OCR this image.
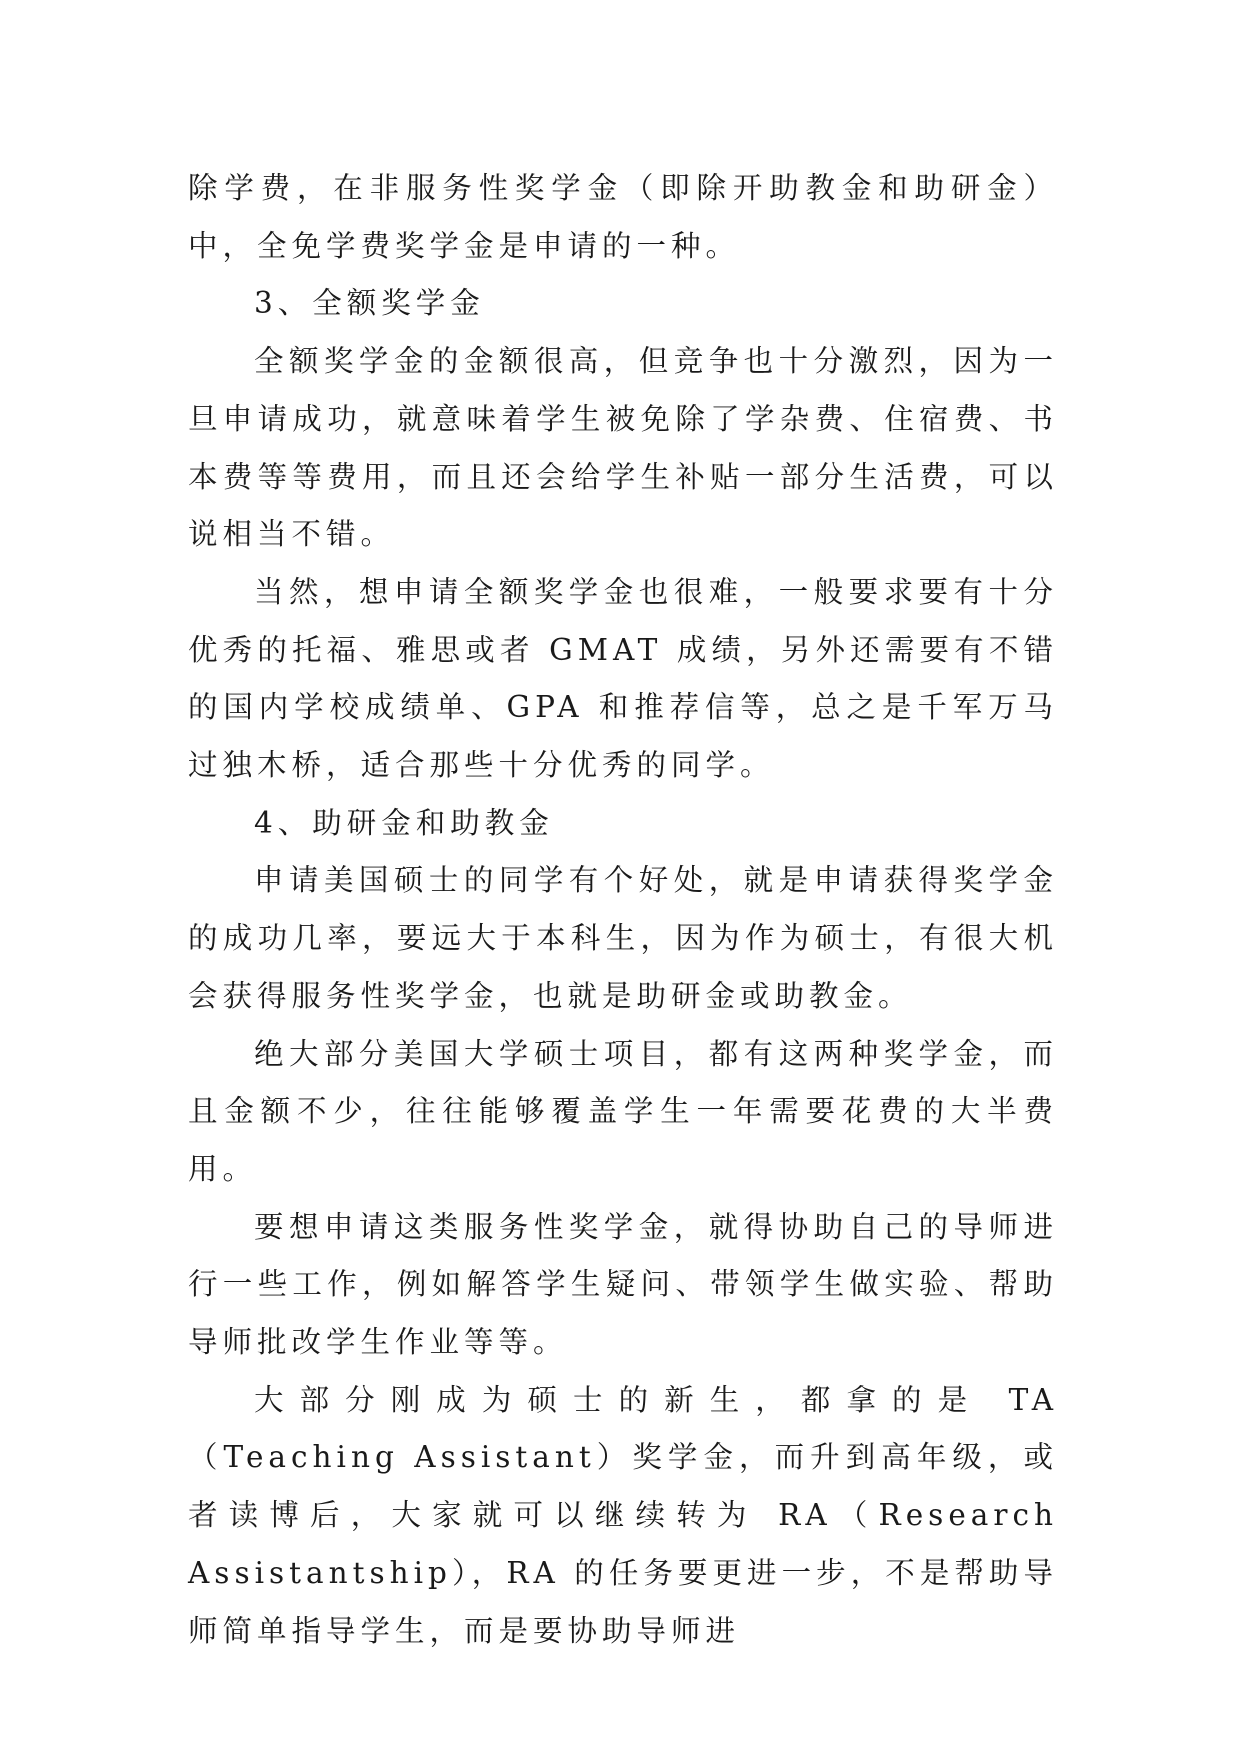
除学费，在非服务性奖学金（即除开助教金和助研金）中，全免学费奖学金是申请的一种。

3、全额奖学金

全额奖学金的金额很高，但竞争也十分激烈，因为一旦申请成功，就意味着学生被免除了学杂费、住宿费、书本费等等费用，而且还会给学生补贴一部分生活费，可以说相当不错。

当然，想申请全额奖学金也很难，一般要求要有十分优秀的托福、雅思或者 GMAT 成绩，另外还需要有不错的国内学校成绩单、GPA 和推荐信等，总之是千军万马过独木桥，适合那些十分优秀的同学。

4、助研金和助教金

申请美国硕士的同学有个好处，就是申请获得奖学金的成功几率，要远大于本科生，因为作为硕士，有很大机会获得服务性奖学金，也就是助研金或助教金。

绝大部分美国大学硕士项目，都有这两种奖学金，而且金额不少，往往能够覆盖学生一年需要花费的大半费用。

要想申请这类服务性奖学金，就得协助自己的导师进行一些工作，例如解答学生疑问、带领学生做实验、帮助导师批改学生作业等等。

大部分刚成为硕士的新生，都拿的是 TA（Teaching Assistant）奖学金，而升到高年级，或者读博后，大家就可以继续转为 RA（Research Assistantship），RA 的任务要更进一步，不是帮助导师简单指导学生，而是要协助导师进
